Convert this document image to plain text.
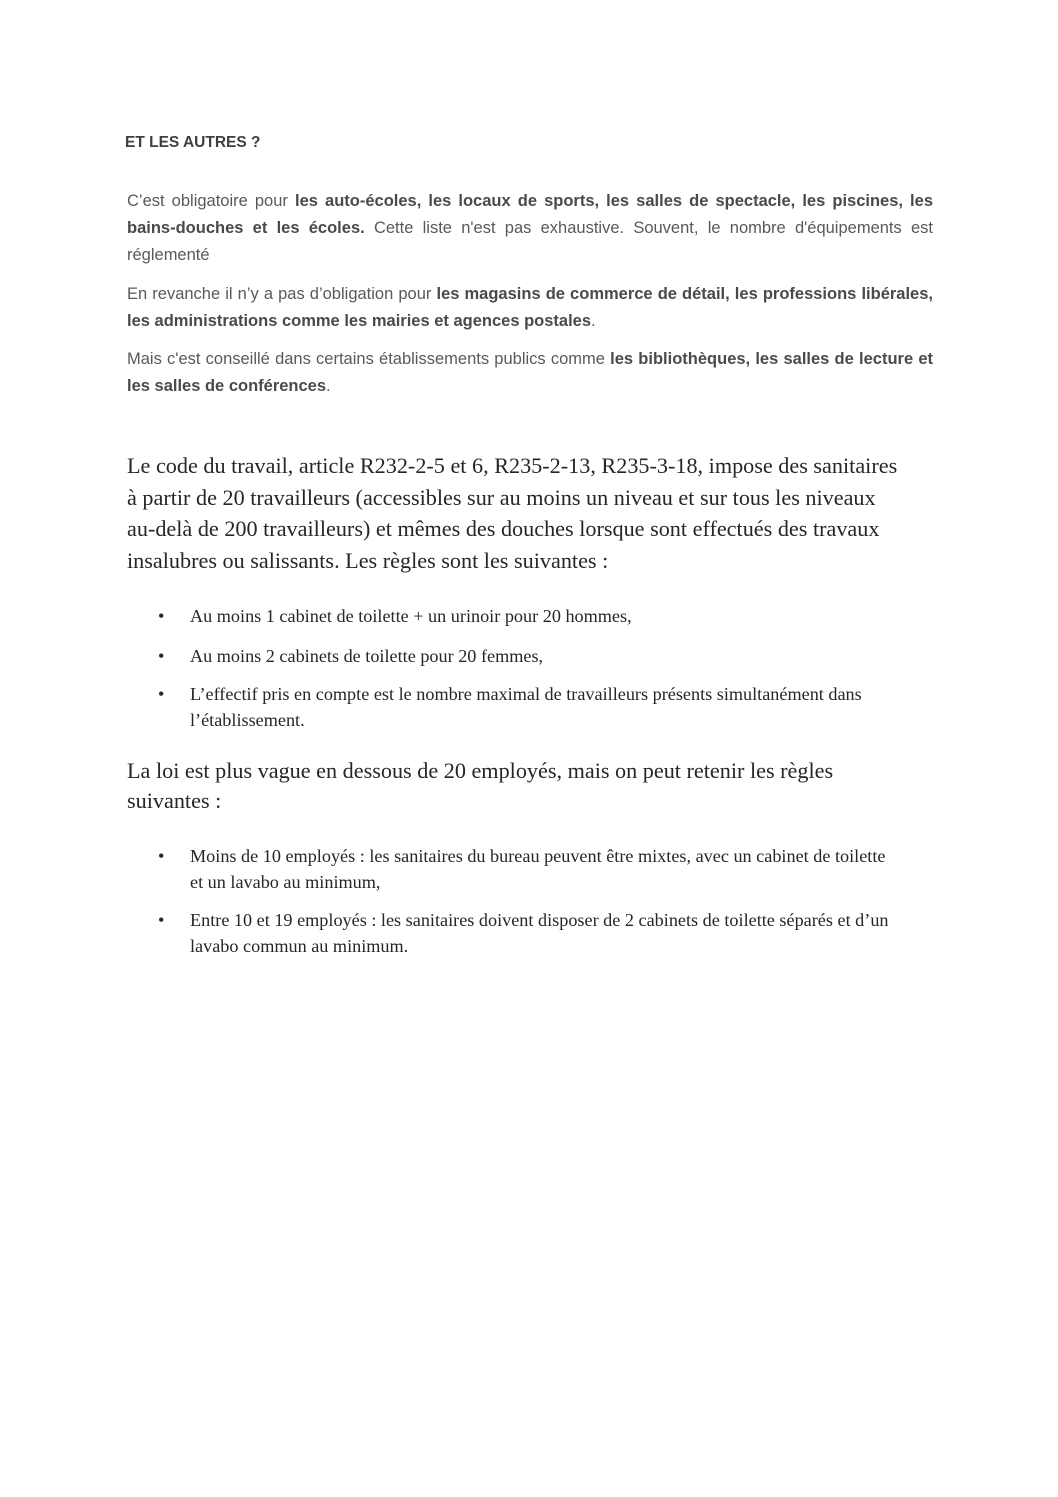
ET LES AUTRES ?

C’est obligatoire pour les auto-écoles, les locaux de sports, les salles de spectacle, les piscines, les bains-douches et les écoles. Cette liste n'est pas exhaustive. Souvent, le nombre d'équipements est réglementé

En revanche il n’y a pas d’obligation pour les magasins de commerce de détail, les professions libérales, les administrations comme les mairies et agences postales.

Mais c'est conseillé dans certains établissements publics comme les bibliothèques, les salles de lecture et les salles de conférences.

Le code du travail, article R232-2-5 et 6, R235-2-13, R235-3-18, impose des sanitaires à partir de 20 travailleurs (accessibles sur au moins un niveau et sur tous les niveaux au-delà de 200 travailleurs) et mêmes des douches lorsque sont effectués des travaux insalubres ou salissants. Les règles sont les suivantes :

• Au moins 1 cabinet de toilette + un urinoir pour 20 hommes,
• Au moins 2 cabinets de toilette pour 20 femmes,
• L’effectif pris en compte est le nombre maximal de travailleurs présents simultanément dans l’établissement.

La loi est plus vague en dessous de 20 employés, mais on peut retenir les règles suivantes :

• Moins de 10 employés : les sanitaires du bureau peuvent être mixtes, avec un cabinet de toilette et un lavabo au minimum,
• Entre 10 et 19 employés : les sanitaires doivent disposer de 2 cabinets de toilette séparés et d’un lavabo commun au minimum.
